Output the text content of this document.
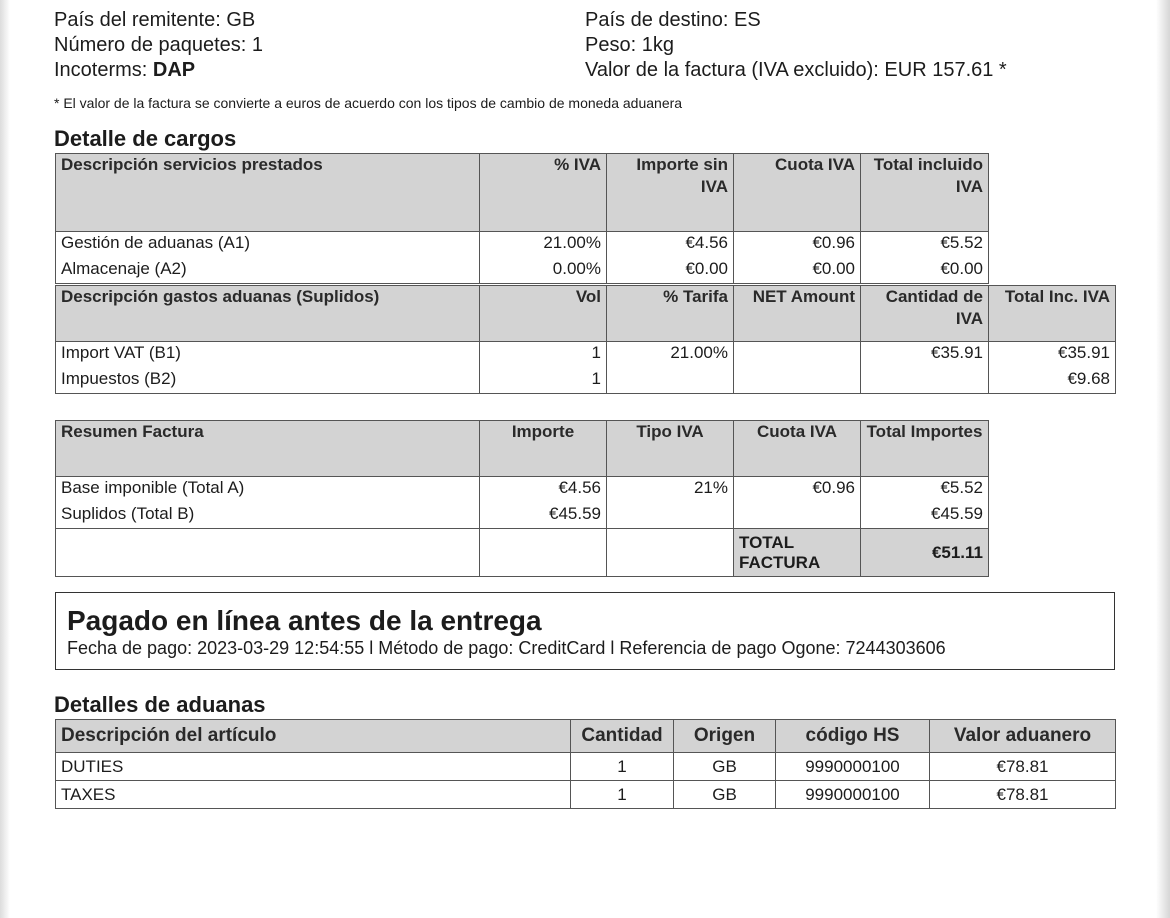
País del remitente: GB
Número de paquetes: 1
Incoterms: DAP
País de destino: ES
Peso: 1kg
Valor de la factura (IVA excluido): EUR 157.61 *
* El valor de la factura se convierte a euros de acuerdo con los tipos de cambio de moneda aduanera
Detalle de cargos
Descripción servicios prestados	% IVA	Importe sin IVA	Cuota IVA	Total incluido IVA
Gestión de aduanas (A1)	21.00%	€4.56	€0.96	€5.52
Almacenaje (A2)	0.00%	€0.00	€0.00	€0.00
Descripción gastos aduanas (Suplidos)	Vol	% Tarifa	NET Amount	Cantidad de IVA	Total Inc. IVA
Import VAT (B1)	1	21.00%		€35.91	€35.91
Impuestos (B2)	1				€9.68
Resumen Factura	Importe	Tipo IVA	Cuota IVA	Total Importes
Base imponible (Total A)	€4.56	21%	€0.96	€5.52
Suplidos (Total B)	€45.59			€45.59
			TOTAL FACTURA	€51.11
Pagado en línea antes de la entrega
Fecha de pago: 2023-03-29 12:54:55 l Método de pago: CreditCard l Referencia de pago Ogone: 7244303606
Detalles de aduanas
Descripción del artículo	Cantidad	Origen	código HS	Valor aduanero
DUTIES	1	GB	9990000100	€78.81
TAXES	1	GB	9990000100	€78.81
